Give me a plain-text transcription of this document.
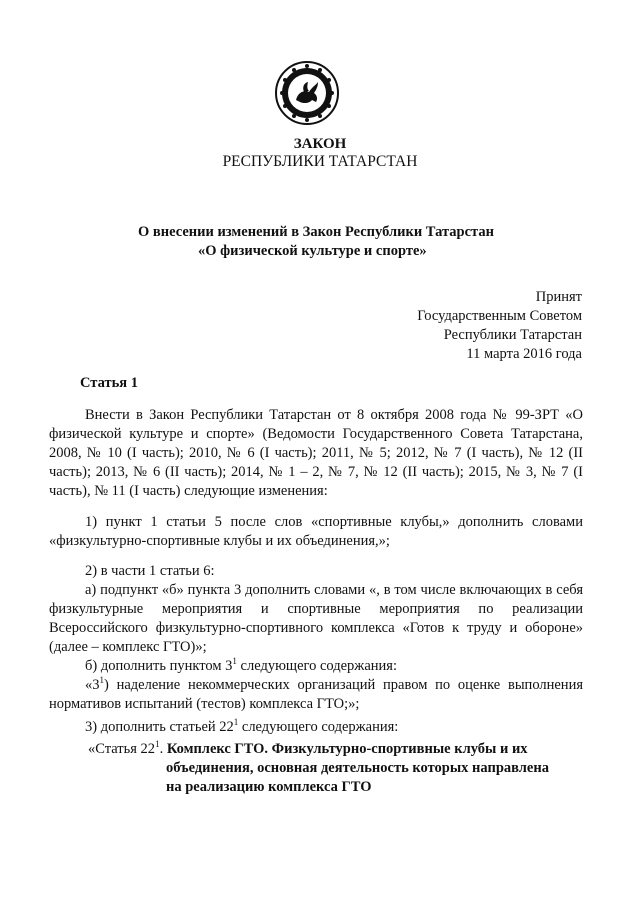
ЗАКОН
РЕСПУБЛИКИ ТАТАРСТАН
О внесении изменений в Закон Республики Татарстан
«О физической культуре и спорте»
Принят
Государственным Советом
Республики Татарстан
11 марта 2016 года
Статья 1

Внести в Закон Республики Татарстан от 8 октября 2008 года № 99-ЗРТ «О физической культуре и спорте» (Ведомости Государственного Совета Татарстана, 2008, № 10 (I часть); 2010, № 6 (I часть); 2011, № 5; 2012, № 7 (I часть), № 12 (II часть); 2013, № 6 (II часть); 2014, № 1 – 2, № 7, № 12 (II часть); 2015, № 3, № 7 (I часть), № 11 (I часть) следующие изменения:

1) пункт 1 статьи 5 после слов «спортивные клубы,» дополнить словами «физкультурно-спортивные клубы и их объединения,»;

2) в части 1 статьи 6:

а) подпункт «б» пункта 3 дополнить словами «, в том числе включающих в себя физкультурные мероприятия и спортивные мероприятия по реализации Всероссийского физкультурно-спортивного комплекса «Готов к труду и обороне» (далее – комплекс ГТО)»;

б) дополнить пунктом $3^1$ следующего содержания:

«$3^1$) наделение некоммерческих организаций правом по оценке выполнения нормативов испытаний (тестов) комплекса ГТО;»;

3) дополнить статьей $22^1$ следующего содержания:

«Статья $22^1$. Комплекс ГТО. Физкультурно-спортивные клубы и их

объединения, основная деятельность которых направлена

на реализацию комплекса ГТО
